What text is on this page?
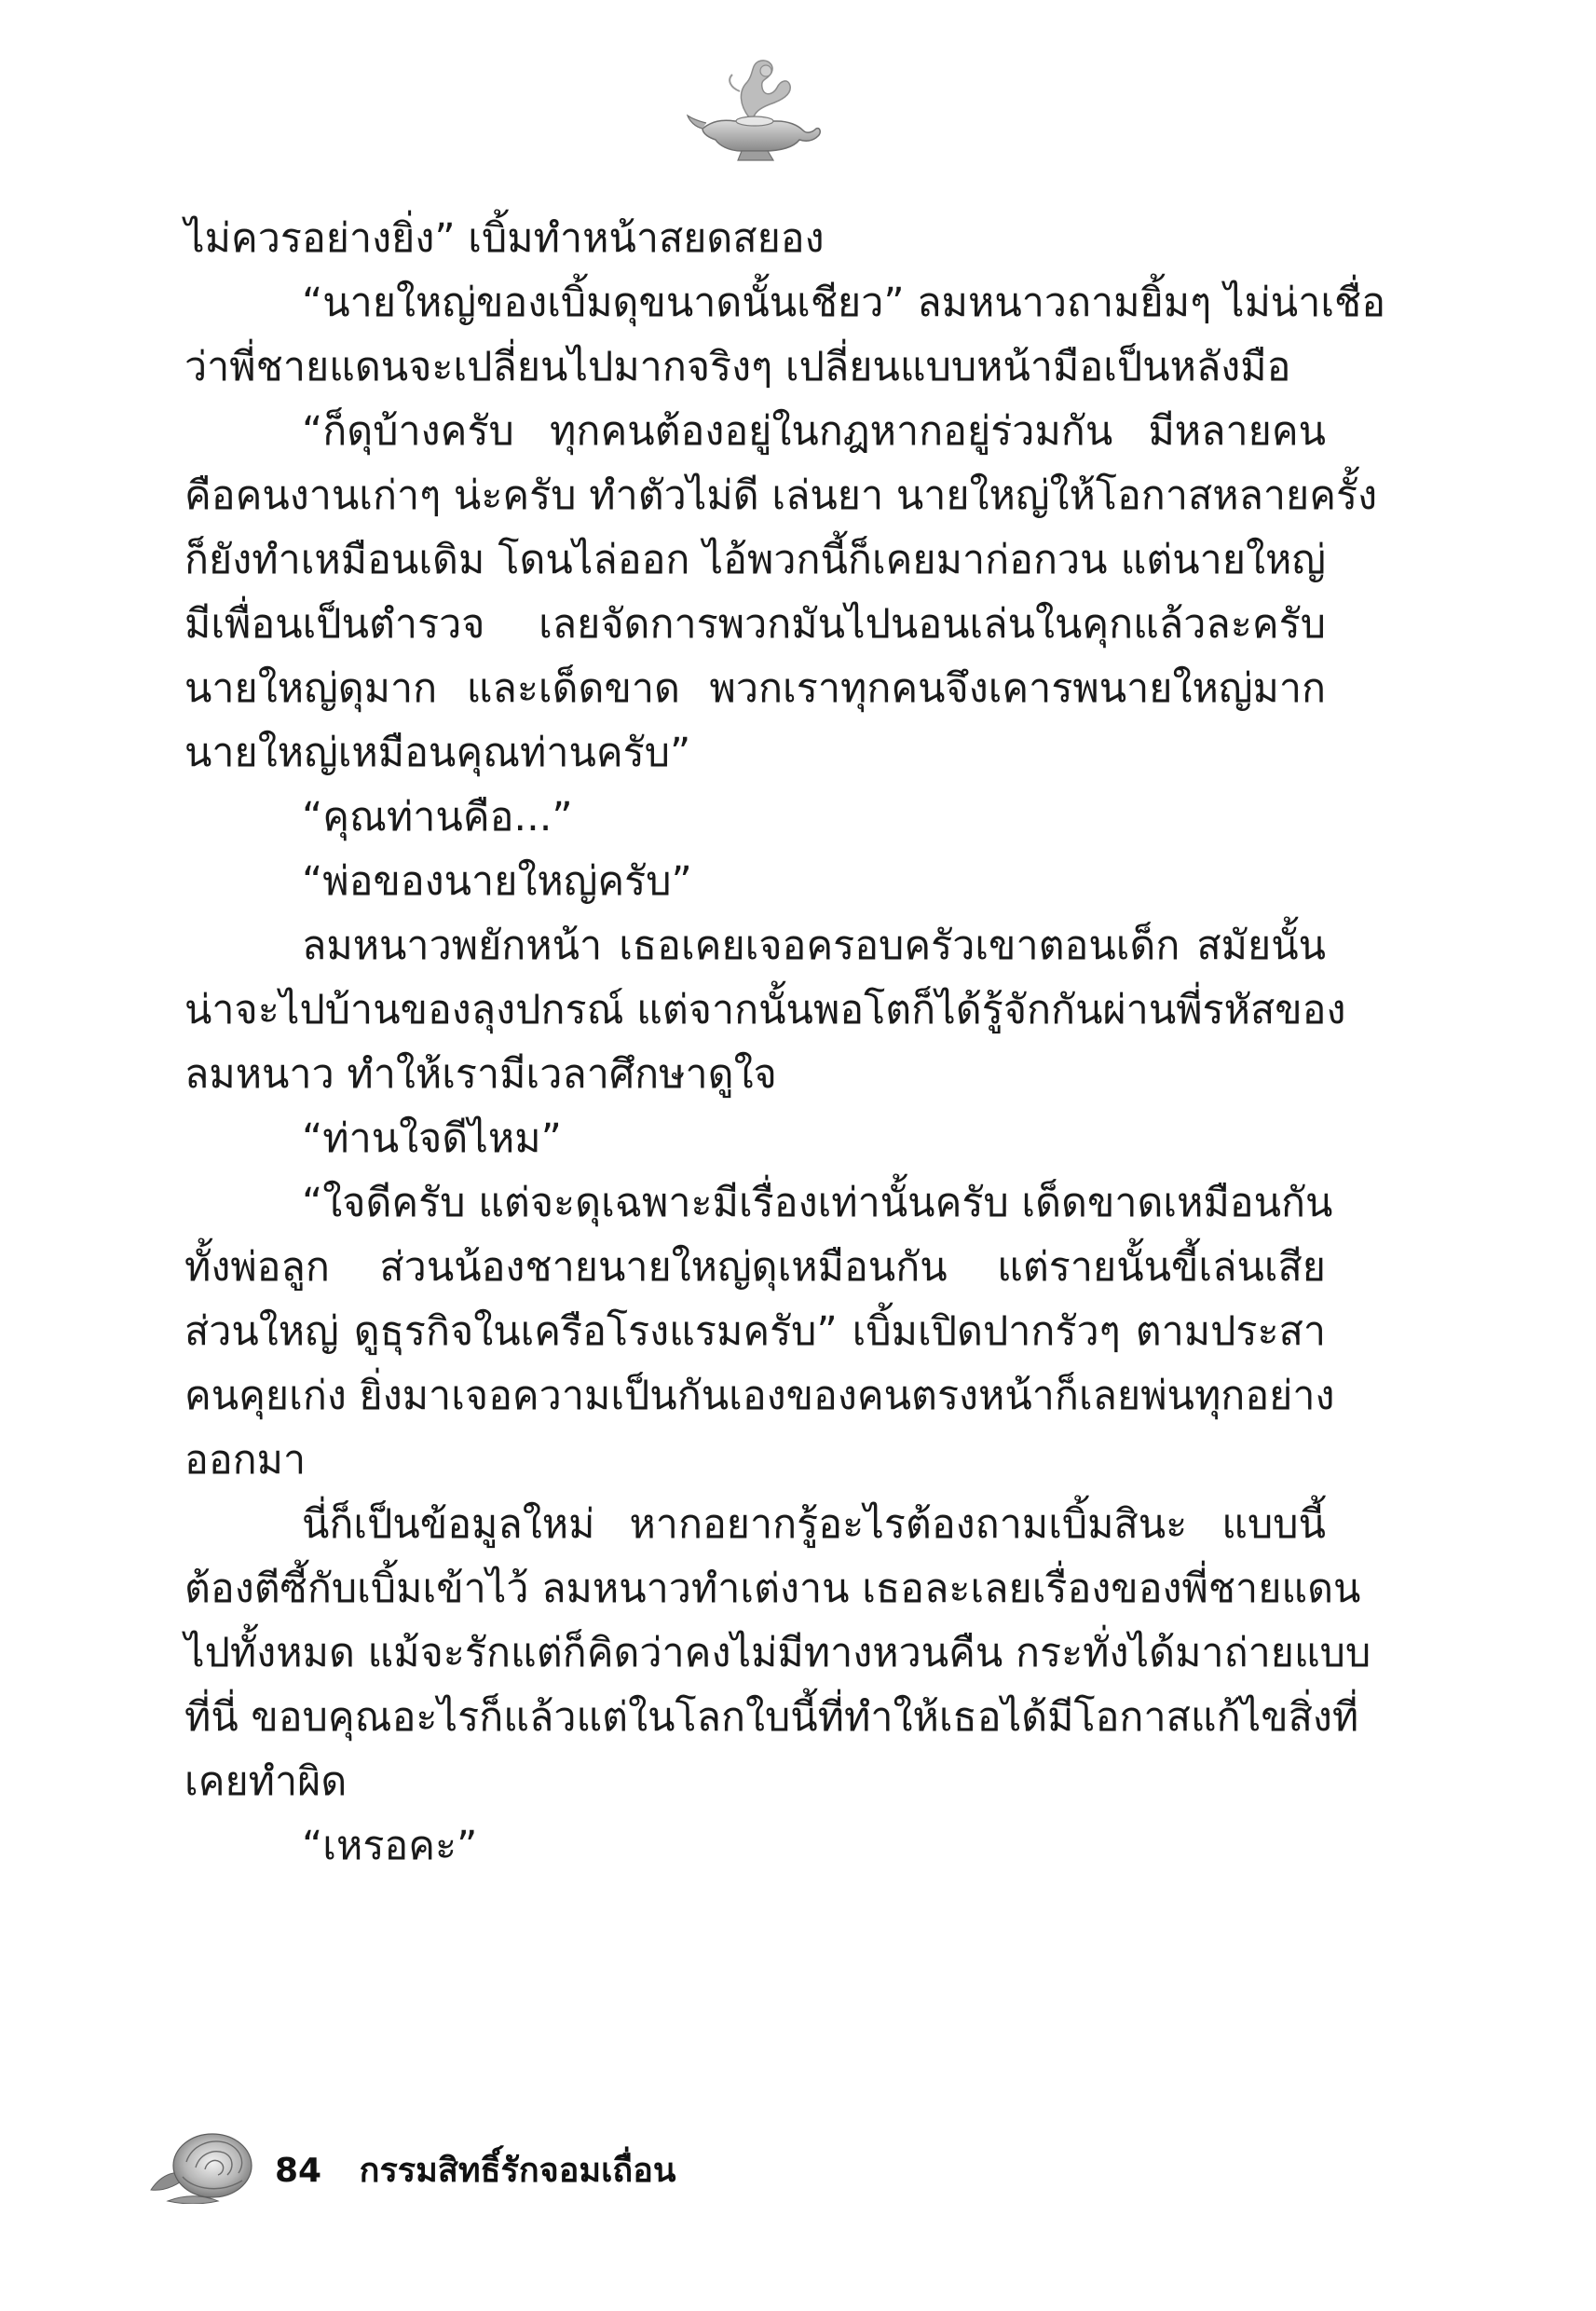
ไม่ควรอย่างยิ่ง” เบิ้มทำหน้าสยดสยอง
“นายใหญ่ของเบิ้มดุขนาดนั้นเชียว” ลมหนาวถามยิ้มๆ ไม่น่าเชื่อ
ว่าพี่ชายแดนจะเปลี่ยนไปมากจริงๆ เปลี่ยนแบบหน้ามือเป็นหลังมือ
“ก็ดุบ้างครับ ทุกคนต้องอยู่ในกฎหากอยู่ร่วมกัน มีหลายคน
คือคนงานเก่าๆ น่ะครับ ทำตัวไม่ดี เล่นยา นายใหญ่ให้โอกาสหลายครั้ง
ก็ยังทำเหมือนเดิม โดนไล่ออก ไอ้พวกนี้ก็เคยมาก่อกวน แต่นายใหญ่
มีเพื่อนเป็นตำรวจ เลยจัดการพวกมันไปนอนเล่นในคุกแล้วละครับ
นายใหญ่ดุมาก และเด็ดขาด พวกเราทุกคนจึงเคารพนายใหญ่มาก
นายใหญ่เหมือนคุณท่านครับ”
“คุณท่านคือ...”
“พ่อของนายใหญ่ครับ”
ลมหนาวพยักหน้า เธอเคยเจอครอบครัวเขาตอนเด็ก สมัยนั้น
น่าจะไปบ้านของลุงปกรณ์ แต่จากนั้นพอโตก็ได้รู้จักกันผ่านพี่รหัสของ
ลมหนาว ทำให้เรามีเวลาศึกษาดูใจ
“ท่านใจดีไหม”
“ใจดีครับ แต่จะดุเฉพาะมีเรื่องเท่านั้นครับ เด็ดขาดเหมือนกัน
ทั้งพ่อลูก ส่วนน้องชายนายใหญ่ดุเหมือนกัน แต่รายนั้นขี้เล่นเสีย
ส่วนใหญ่ ดูธุรกิจในเครือโรงแรมครับ” เบิ้มเปิดปากรัวๆ ตามประสา
คนคุยเก่ง ยิ่งมาเจอความเป็นกันเองของคนตรงหน้าก็เลยพ่นทุกอย่าง
ออกมา
นี่ก็เป็นข้อมูลใหม่ หากอยากรู้อะไรต้องถามเบิ้มสินะ แบบนี้
ต้องตีซี้กับเบิ้มเข้าไว้ ลมหนาวทำเต่งาน เธอละเลยเรื่องของพี่ชายแดน
ไปทั้งหมด แม้จะรักแต่ก็คิดว่าคงไม่มีทางหวนคืน กระทั่งได้มาถ่ายแบบ
ที่นี่ ขอบคุณอะไรก็แล้วแต่ในโลกใบนี้ที่ทำให้เธอได้มีโอกาสแก้ไขสิ่งที่
เคยทำผิด
“เหรอคะ”
84 กรรมสิทธิ์รักจอมเถื่อน
